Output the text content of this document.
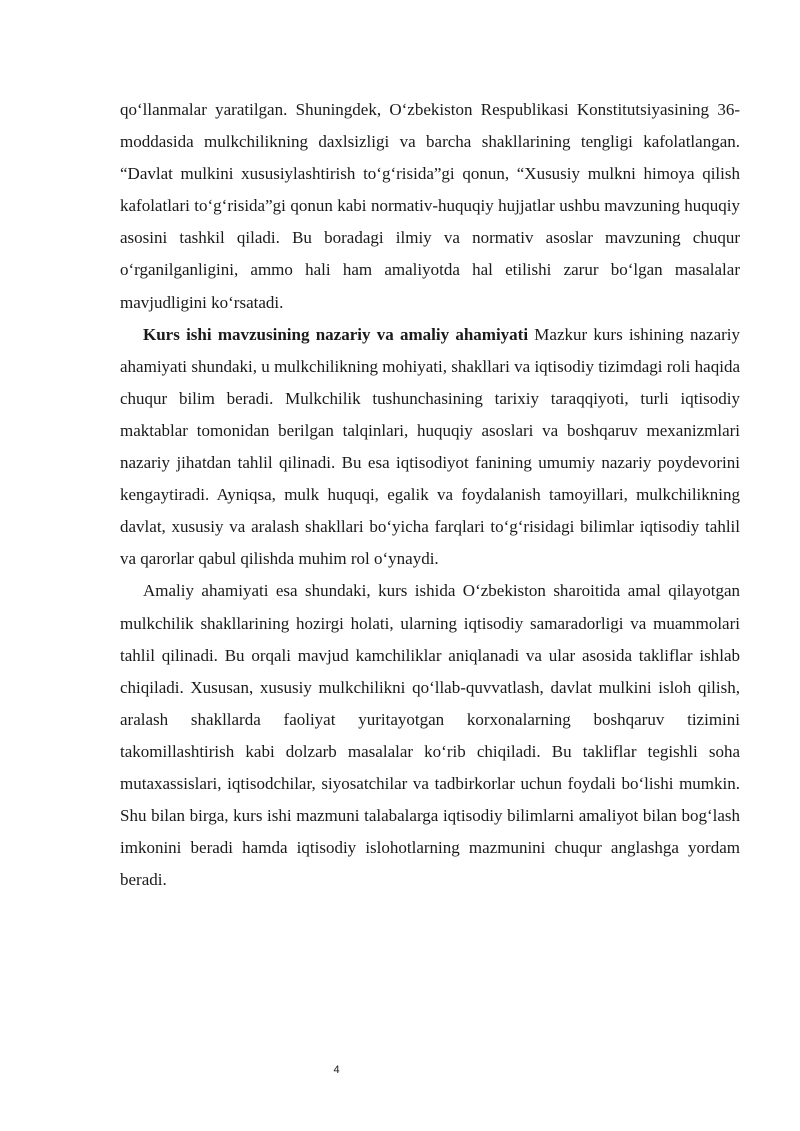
qo‘llanmalar yaratilgan. Shuningdek, O‘zbekiston Respublikasi Konstitutsiyasining 36-moddasida mulkchilikning daxlsizligi va barcha shakllarining tengligi kafolatlangan. “Davlat mulkini xususiylashtirish to‘g‘risida”gi qonun, “Xususiy mulkni himoya qilish kafolatlari to‘g‘risida”gi qonun kabi normativ-huquqiy hujjatlar ushbu mavzuning huquqiy asosini tashkil qiladi. Bu boradagi ilmiy va normativ asoslar mavzuning chuqur o‘rganilganligini, ammo hali ham amaliyotda hal etilishi zarur bo‘lgan masalalar mavjudligini ko‘rsatadi.

Kurs ishi mavzusining nazariy va amaliy ahamiyati Mazkur kurs ishining nazariy ahamiyati shundaki, u mulkchilikning mohiyati, shakllari va iqtisodiy tizimdagi roli haqida chuqur bilim beradi. Mulkchilik tushunchasining tarixiy taraqqiyoti, turli iqtisodiy maktablar tomonidan berilgan talqinlari, huquqiy asoslari va boshqaruv mexanizmlari nazariy jihatdan tahlil qilinadi. Bu esa iqtisodiyot fanining umumiy nazariy poydevorini kengaytiradi. Ayniqsa, mulk huquqi, egalik va foydalanish tamoyillari, mulkchilikning davlat, xususiy va aralash shakllari bo‘yicha farqlari to‘g‘risidagi bilimlar iqtisodiy tahlil va qarorlar qabul qilishda muhim rol o‘ynaydi.

Amaliy ahamiyati esa shundaki, kurs ishida O‘zbekiston sharoitida amal qilayotgan mulkchilik shakllarining hozirgi holati, ularning iqtisodiy samaradorligi va muammolari tahlil qilinadi. Bu orqali mavjud kamchiliklar aniqlanadi va ular asosida takliflar ishlab chiqiladi. Xususan, xususiy mulkchilikni qo‘llab-quvvatlash, davlat mulkini isloh qilish, aralash shakllarda faoliyat yuritayotgan korxonalarning boshqaruv tizimini takomillashtirish kabi dolzarb masalalar ko‘rib chiqiladi. Bu takliflar tegishli soha mutaxassislari, iqtisodchilar, siyosatchilar va tadbirkorlar uchun foydali bo‘lishi mumkin. Shu bilan birga, kurs ishi mazmuni talabalarga iqtisodiy bilimlarni amaliyot bilan bog‘lash imkonini beradi hamda iqtisodiy islohotlarning mazmunini chuqur anglashga yordam beradi.

4
